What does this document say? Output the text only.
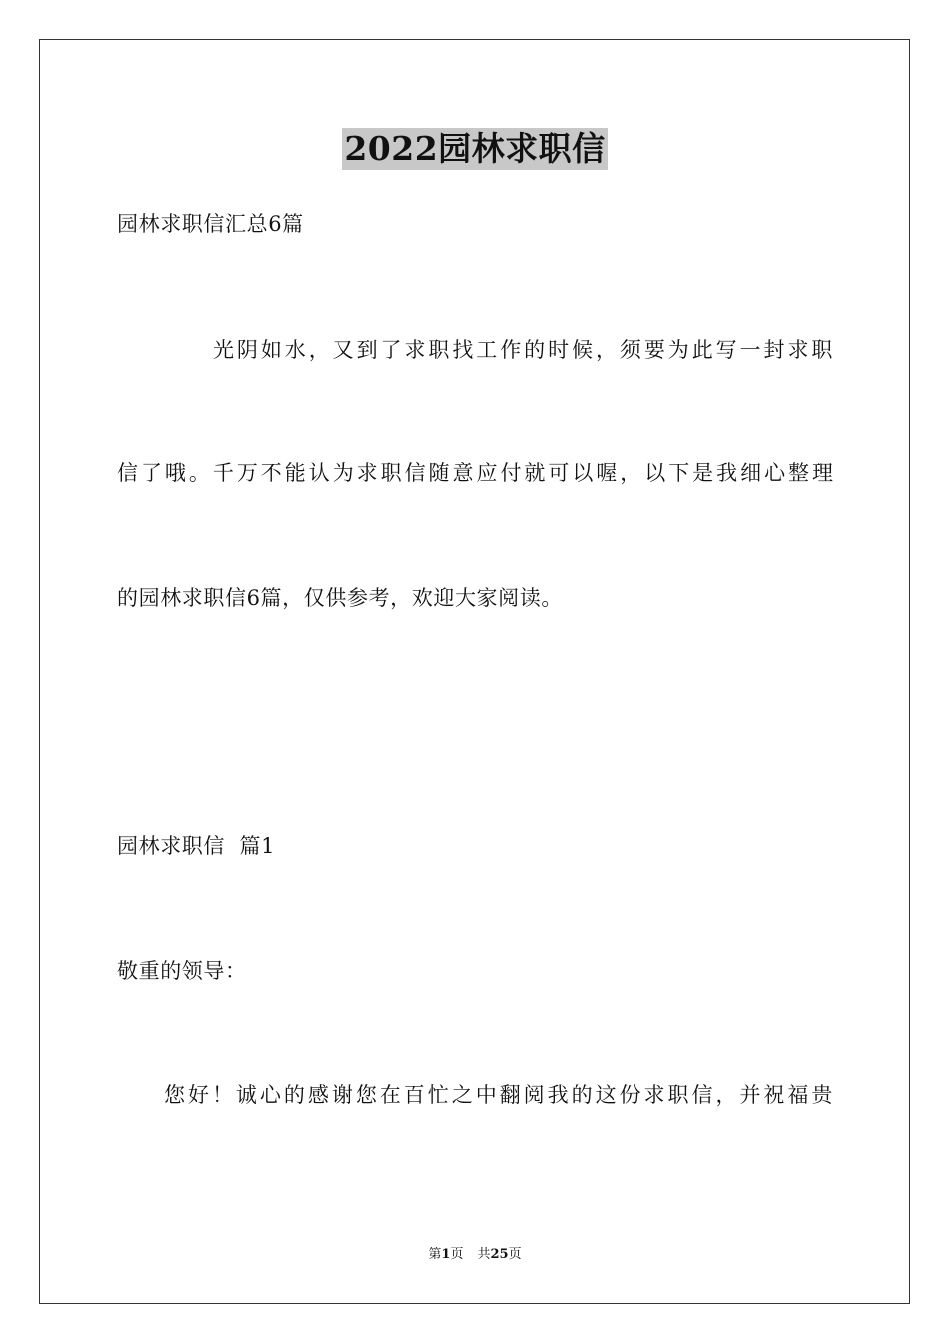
2022园林求职信
园林求职信汇总6篇
光阴如水，又到了求职找工作的时候，须要为此写一封求职
信了哦。千万不能认为求职信随意应付就可以喔，以下是我细心整理
的园林求职信6篇，仅供参考，欢迎大家阅读。
园林求职信  篇1
敬重的领导：
您好！诚心的感谢您在百忙之中翻阅我的这份求职信，并祝福贵
第1页 共25页
